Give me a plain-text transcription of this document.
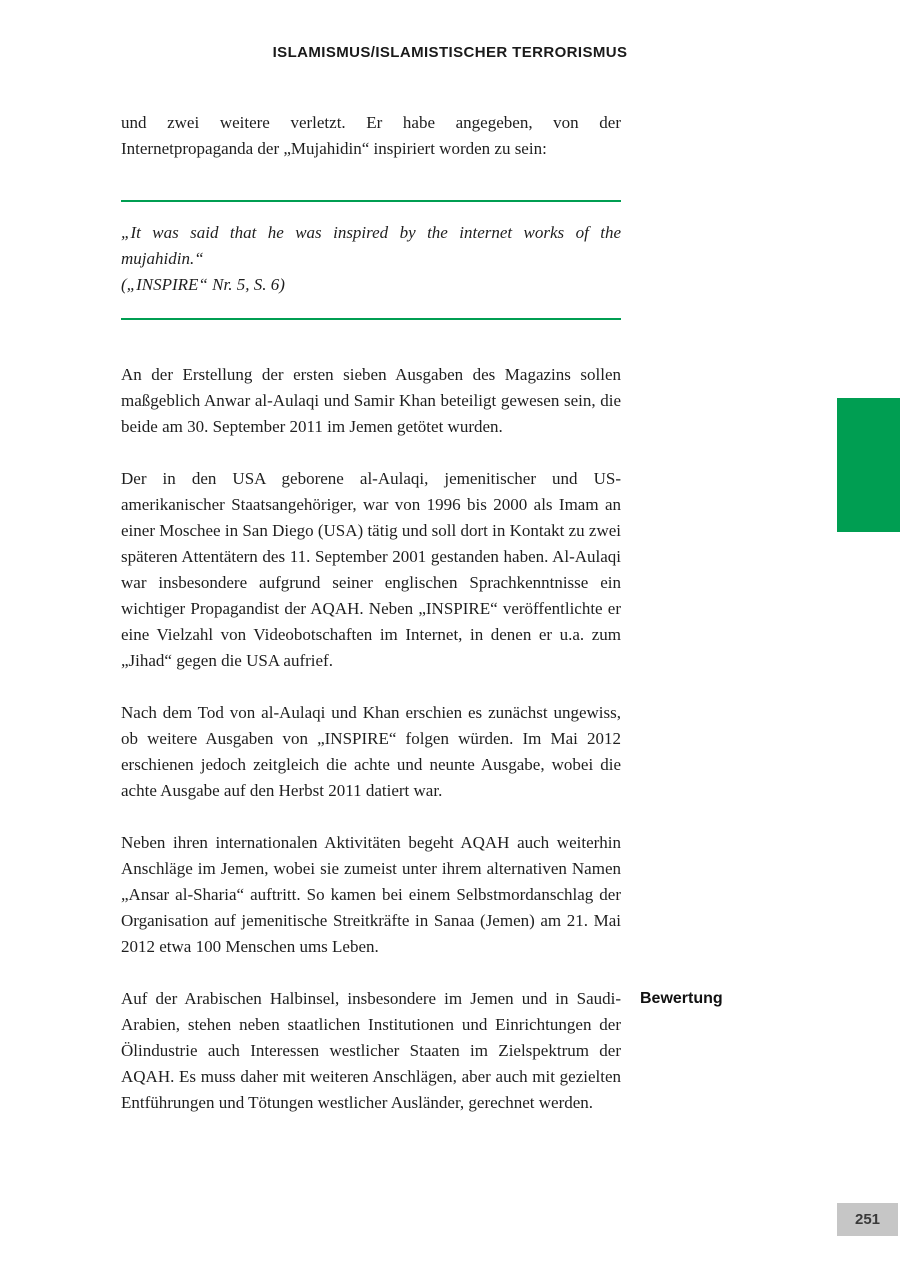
ISLAMISMUS/ISLAMISTISCHER TERRORISMUS

und zwei weitere verletzt. Er habe angegeben, von der Internetpropaganda der „Mujahidin“ inspiriert worden zu sein:

„It was said that he was inspired by the internet works of the mujahidin.“

(„INSPIRE“ Nr. 5, S. 6)

An der Erstellung der ersten sieben Ausgaben des Magazins sollen maßgeblich Anwar al-Aulaqi und Samir Khan beteiligt gewesen sein, die beide am 30. September 2011 im Jemen getötet wurden.

Der in den USA geborene al-Aulaqi, jemenitischer und US-amerikanischer Staatsangehöriger, war von 1996 bis 2000 als Imam an einer Moschee in San Diego (USA) tätig und soll dort in Kontakt zu zwei späteren Attentätern des 11. September 2001 gestanden haben. Al-Aulaqi war insbesondere aufgrund seiner englischen Sprachkenntnisse ein wichtiger Propagandist der AQAH. Neben „INSPIRE“ veröffentlichte er eine Vielzahl von Videobotschaften im Internet, in denen er u.a. zum „Jihad“ gegen die USA aufrief.

Nach dem Tod von al-Aulaqi und Khan erschien es zunächst ungewiss, ob weitere Ausgaben von „INSPIRE“ folgen würden. Im Mai 2012 erschienen jedoch zeitgleich die achte und neunte Ausgabe, wobei die achte Ausgabe auf den Herbst 2011 datiert war.

Neben ihren internationalen Aktivitäten begeht AQAH auch weiterhin Anschläge im Jemen, wobei sie zumeist unter ihrem alternativen Namen „Ansar al-Sharia“ auftritt. So kamen bei einem Selbstmordanschlag der Organisation auf jemenitische Streitkräfte in Sanaa (Jemen) am 21. Mai 2012 etwa 100 Menschen ums Leben.

Auf der Arabischen Halbinsel, insbesondere im Jemen und in Saudi-Arabien, stehen neben staatlichen Institutionen und Einrichtungen der Ölindustrie auch Interessen westlicher Staaten im Zielspektrum der AQAH. Es muss daher mit weiteren Anschlägen, aber auch mit gezielten Entführungen und Tötungen westlicher Ausländer, gerechnet werden.

Bewertung
251
